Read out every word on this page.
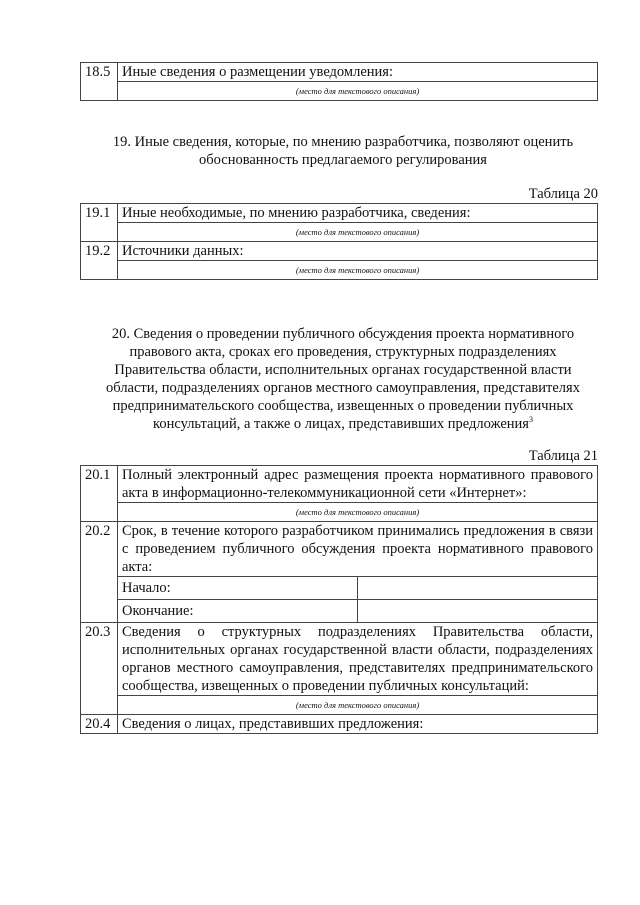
18.5	Иные сведения о размещении уведомления:
(место для текстового описания)
19. Иные сведения, которые, по мнению разработчика, позволяют оценить обоснованность предлагаемого регулирования
Таблица 20
19.1	Иные необходимые, по мнению разработчика, сведения:
	(место для текстового описания)
19.2	Источники данных:
	(место для текстового описания)
20. Сведения о проведении публичного обсуждения проекта нормативного правового акта, сроках его проведения, структурных подразделениях Правительства области, исполнительных органах государственной власти области, подразделениях органов местного самоуправления, представителях предпринимательского сообщества, извещенных о проведении публичных консультаций, а также о лицах, представивших предложения$^3$
Таблица 21
20.1	Полный электронный адрес размещения проекта нормативного правового акта в информационно-телекоммуникационной сети «Интернет»:	
	(место для текстового описания)	
20.2	Срок, в течение которого разработчиком принимались предложения в связи с проведением публичного обсуждения проекта нормативного правового акта:	
	Начало:	
	Окончание:	
20.3	Сведения о структурных подразделениях Правительства области, исполнительных органах государственной власти области, подразделениях органов местного самоуправления, представителях предпринимательского сообщества, извещенных о проведении публичных консультаций:	
	(место для текстового описания)	
20.4	Сведения о лицах, представивших предложения:	
